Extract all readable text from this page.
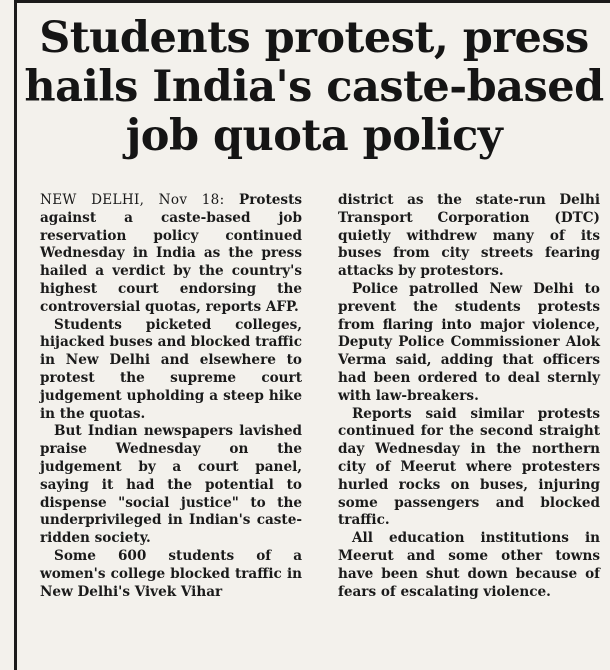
Students protest, press hails India's caste-based job quota policy

NEW DELHI, Nov 18: Protests against a caste-based job reservation policy continued Wednesday in India as the press hailed a verdict by the country's highest court endorsing the controversial quotas, reports AFP.

Students picketed colleges, hijacked buses and blocked traffic in New Delhi and elsewhere to protest the supreme court judgement upholding a steep hike in the quotas.

But Indian newspapers lavished praise Wednesday on the judgement by a court panel, saying it had the potential to dispense "social justice" to the underprivileged in Indian's caste-ridden society.

Some 600 students of a women's college blocked traffic in New Delhi's Vivek Vihar

district as the state-run Delhi Transport Corporation (DTC) quietly withdrew many of its buses from city streets fearing attacks by protestors.

Police patrolled New Delhi to prevent the students protests from flaring into major violence, Deputy Police Commissioner Alok Verma said, adding that officers had been ordered to deal sternly with law-breakers.

Reports said similar protests continued for the second straight day Wednesday in the northern city of Meerut where protesters hurled rocks on buses, injuring some passengers and blocked traffic.

All education institutions in Meerut and some other towns have been shut down because of fears of escalating violence.
